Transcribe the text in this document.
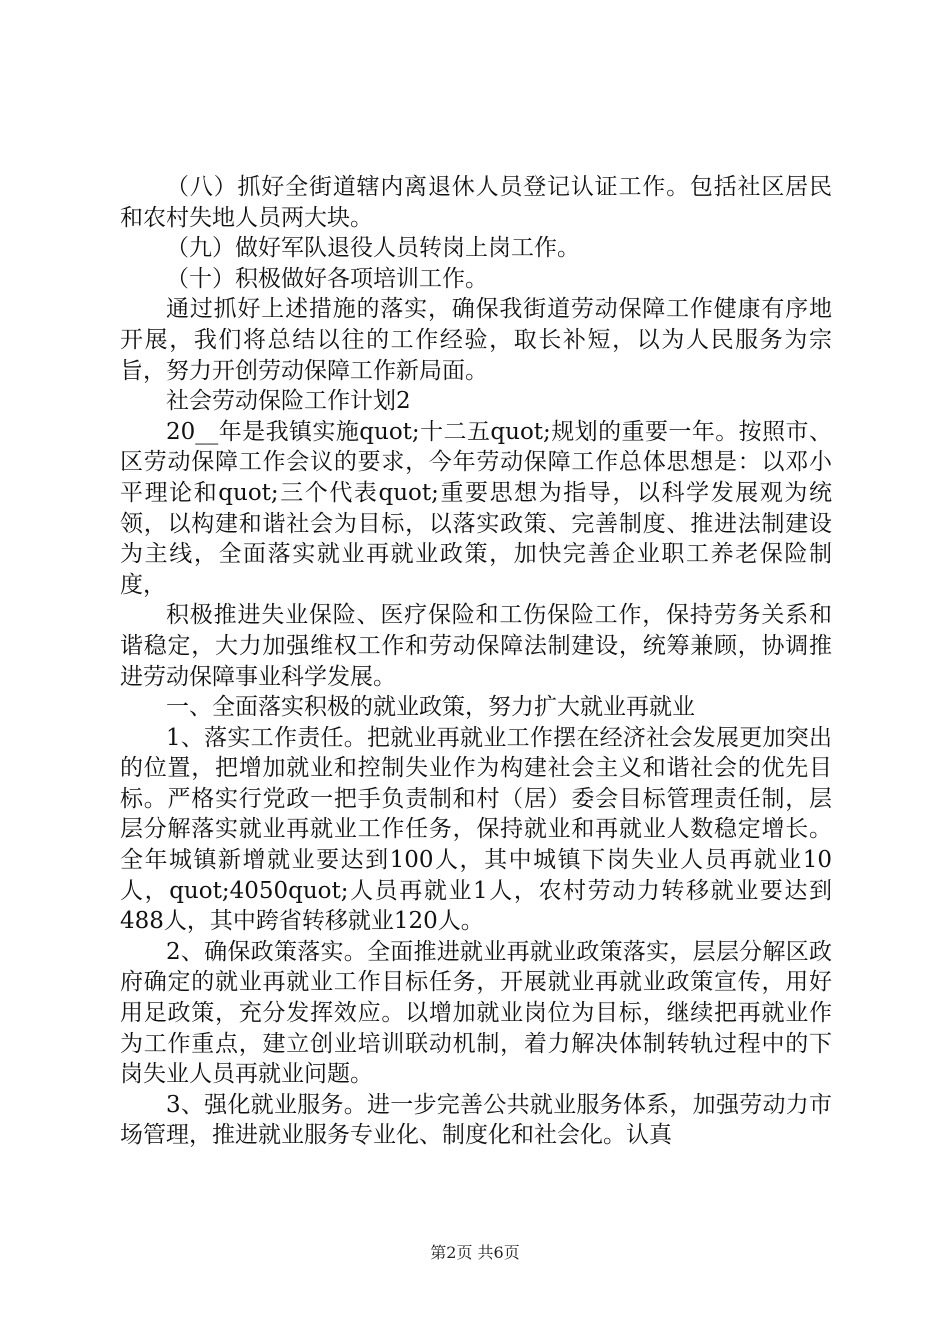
（八）抓好全街道辖内离退休人员登记认证工作。包括社区居民和农村失地人员两大块。

（九）做好军队退役人员转岗上岗工作。

（十）积极做好各项培训工作。

通过抓好上述措施的落实，确保我街道劳动保障工作健康有序地开展，我们将总结以往的工作经验，取长补短，以为人民服务为宗旨，努力开创劳动保障工作新局面。

社会劳动保险工作计划2

20__年是我镇实施quot;十二五quot;规划的重要一年。按照市、区劳动保障工作会议的要求，今年劳动保障工作总体思想是：以邓小平理论和quot;三个代表quot;重要思想为指导，以科学发展观为统领，以构建和谐社会为目标，以落实政策、完善制度、推进法制建设为主线，全面落实就业再就业政策，加快完善企业职工养老保险制度，

积极推进失业保险、医疗保险和工伤保险工作，保持劳务关系和谐稳定，大力加强维权工作和劳动保障法制建设，统筹兼顾，协调推进劳动保障事业科学发展。

一、全面落实积极的就业政策，努力扩大就业再就业

1、落实工作责任。把就业再就业工作摆在经济社会发展更加突出的位置，把增加就业和控制失业作为构建社会主义和谐社会的优先目标。严格实行党政一把手负责制和村（居）委会目标管理责任制，层层分解落实就业再就业工作任务，保持就业和再就业人数稳定增长。全年城镇新增就业要达到100人，其中城镇下岗失业人员再就业10人，quot;4050quot;人员再就业1人，农村劳动力转移就业要达到488人，其中跨省转移就业120人。

2、确保政策落实。全面推进就业再就业政策落实，层层分解区政府确定的就业再就业工作目标任务，开展就业再就业政策宣传，用好用足政策，充分发挥效应。以增加就业岗位为目标，继续把再就业作为工作重点，建立创业培训联动机制，着力解决体制转轨过程中的下岗失业人员再就业问题。

3、强化就业服务。进一步完善公共就业服务体系，加强劳动力市场管理，推进就业服务专业化、制度化和社会化。认真

第2页 共6页
